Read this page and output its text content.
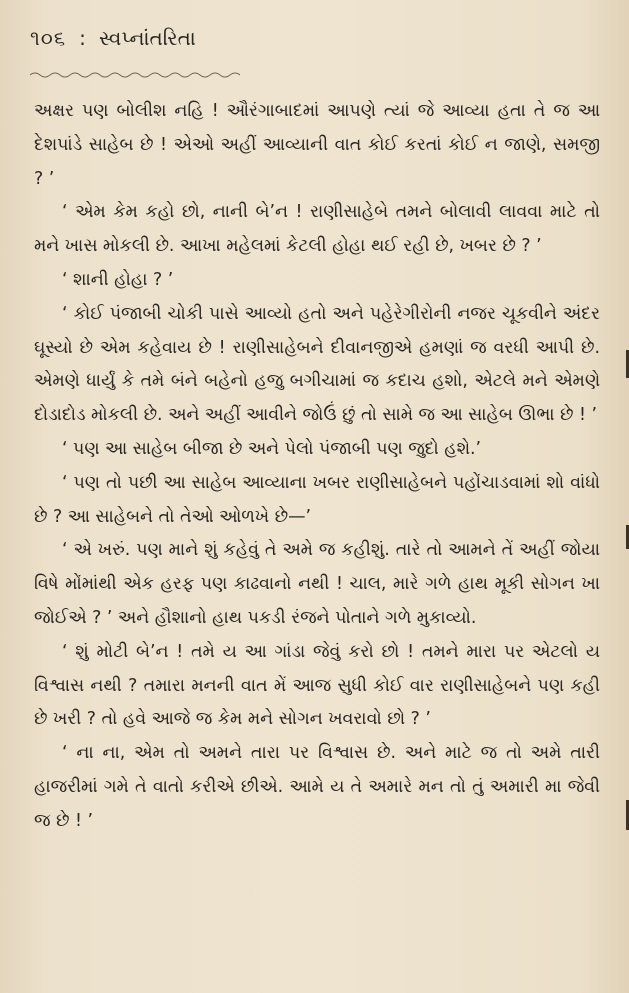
૧૦૬ : સ્વપ્નાંતરિતા

અક્ષર પણ બોલીશ નહિ ! ઔરંગાબાદમાં આપણે ત્યાં જે આવ્યા હતા તે જ આ દેશપાંડે સાહેબ છે ! એઓ અહીં આવ્યાની વાત કોઈ કરતાં કોઈ ન જાણે, સમજી ? ’

‘ એમ કેમ કહો છો, નાની બે’ન ! રાણીસાહેબે તમને બોલાવી લાવવા માટે તો મને ખાસ મોકલી છે. આખા મહેલમાં કેટલી હોહા થઈ રહી છે, ખબર છે ? ’

‘ શાની હોહા ? ’

‘ કોઈ પંજાબી ચોકી પાસે આવ્યો હતો અને પહેરેગીરોની નજર ચૂકવીને અંદર ઘૂસ્યો છે એમ કહેવાય છે ! રાણીસાહેબને દીવાનજીએ હમણાં જ વરધી આપી છે. એમણે ધાર્યું કે તમે બંને બહેનો હજુ બગીચામાં જ કદાચ હશો, એટલે મને એમણે દોડાદોડ મોકલી છે. અને અહીં આવીને જોઉં છું તો સામે જ આ સાહેબ ઊભા છે ! ’

‘ પણ આ સાહેબ બીજા છે અને પેલો પંજાબી પણ જુદો હશે.’

‘ પણ તો પછી આ સાહેબ આવ્યાના ખબર રાણીસાહેબને પહોંચાડવામાં શો વાંધો છે ? આ સાહેબને તો તેઓ ઓળખે છે—’

‘ એ ખરું. પણ માને શું કહેવું તે અમે જ કહીશું. તારે તો આમને તેં અહીં જોયા વિષે મોંમાંથી એક હરફ પણ કાઢવાનો નથી ! ચાલ, મારે ગળે હાથ મૂકી સોગન ખા જોઈએ ? ’ અને હૌશાનો હાથ પકડી રંજને પોતાને ગળે મુકાવ્યો.

‘ શું મોટી બે’ન ! તમે ય આ ગાંડા જેવું કરો છો ! તમને મારા પર એટલો ય વિશ્વાસ નથી ? તમારા મનની વાત મેં આજ સુધી કોઈ વાર રાણીસાહેબને પણ કહી છે ખરી ? તો હવે આજે જ કેમ મને સોગન ખવરાવો છો ? ’

‘ ના ના, એમ તો અમને તારા પર વિશ્વાસ છે. અને માટે જ તો અમે તારી હાજરીમાં ગમે તે વાતો કરીએ છીએ. આમે ય તે અમારે મન તો તું અમારી મા જેવી જ છે ! ’
